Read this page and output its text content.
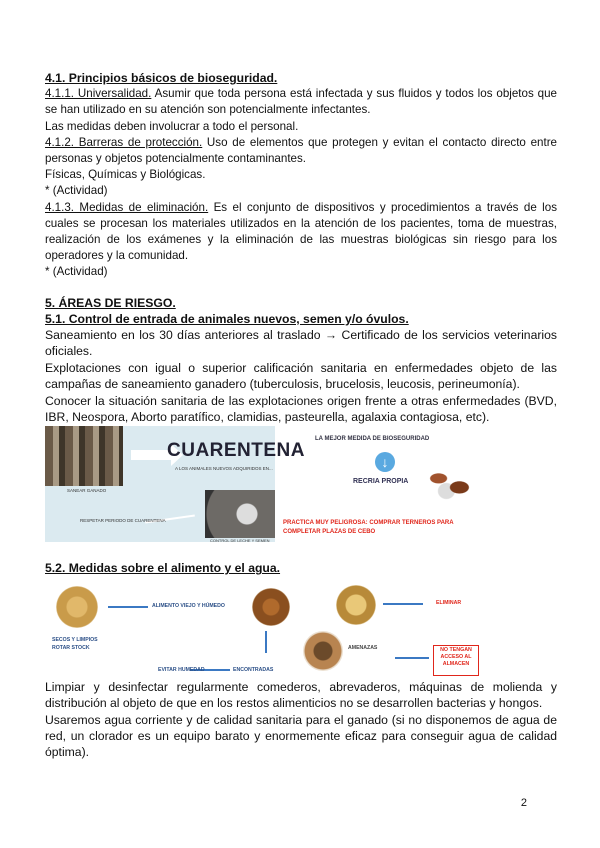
4.1. Principios básicos de bioseguridad.

4.1.1. Universalidad. Asumir que toda persona está infectada y sus fluidos y todos los objetos que se han utilizado en su atención son potencialmente infectantes.

Las medidas deben involucrar a todo el personal.

4.1.2. Barreras de protección. Uso de elementos que protegen y evitan el contacto directo entre personas y objetos potencialmente contaminantes.

Físicas, Químicas y Biológicas.

* (Actividad)

4.1.3. Medidas de eliminación. Es el conjunto de dispositivos y procedimientos a través de los cuales se procesan los materiales utilizados en la atención de los pacientes, toma de muestras, realización de los exámenes y la eliminación de las muestras biológicas sin riesgo para los operadores y la comunidad.

* (Actividad)

5. ÁREAS DE RIESGO.

5.1. Control de entrada de animales nuevos, semen y/o óvulos.

Saneamiento en los 30 días anteriores al traslado → Certificado de los servicios veterinarios oficiales.

Explotaciones con igual o superior calificación sanitaria en enfermedades objeto de las campañas de saneamiento ganadero (tuberculosis, brucelosis, leucosis, perineumonía).

Conocer la situación sanitaria de las explotaciones origen frente a otras enfermedades (BVD, IBR, Neospora, Aborto paratífico, clamidias, pasteurella, agalaxia contagiosa, etc).

5.2. Medidas sobre el alimento y el agua.

Limpiar y desinfectar regularmente comederos, abrevaderos, máquinas de molienda y distribución al objeto de que en los restos alimenticios no se desarrollen bacterias y hongos.

Usaremos agua corriente y de calidad sanitaria para el ganado (si no disponemos de agua de red, un clorador es un equipo barato y enormemente eficaz para conseguir agua de calidad óptima).

SANEAR GANADO
CUARENTENA
A LOS ANIMALES NUEVOS ADQUIRIDOS EN...
RESPETAR PERIODO DE CUARENTENA
CONTROL DE LECHE Y SEMEN
LA MEJOR MEDIDA DE BIOSEGURIDAD
↓
RECRIA PROPIA
PRACTICA MUY PELIGROSA: COMPRAR TERNEROS PARA COMPLETAR PLAZAS DE CEBO
SECOS Y LIMPIOS
ROTAR STOCK
ALIMENTO VIEJO Y HÚMEDO	ELIMINAR
ENCONTRADAS
EVITAR HUMEDAD
AMENAZAS	NO TENGAN ACCESO AL ALMACEN
2
